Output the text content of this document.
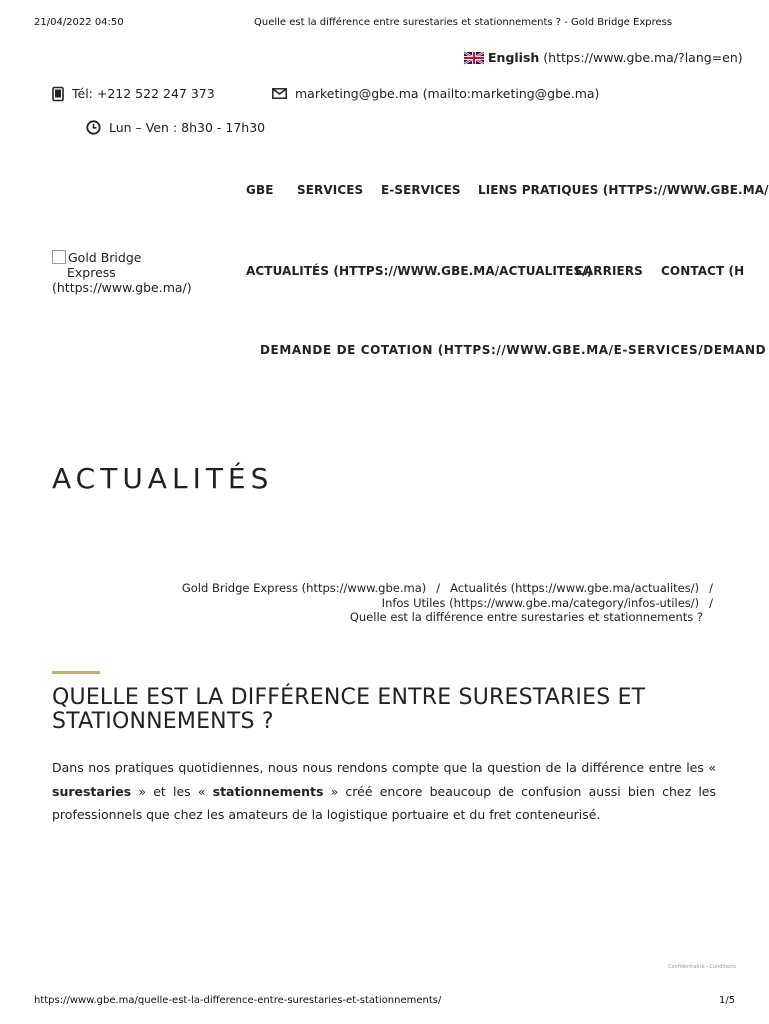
21/04/2022 04:50	Quelle est la différence entre surestaries et stationnements ? - Gold Bridge Express
English (https://www.gbe.ma/?lang=en)
Tél: +212 522 247 373	marketing@gbe.ma (mailto:marketing@gbe.ma)
Lun – Ven : 8h30 - 17h30
GBE SERVICES E-SERVICES LIENS PRATIQUES (HTTPS://WWW.GBE.MA/
Gold Bridge
Express
(https://www.gbe.ma/)
ACTUALITÉS (HTTPS://WWW.GBE.MA/ACTUALITES/)
CARRIERS CONTACT (H
DEMANDE DE COTATION (HTTPS://WWW.GBE.MA/E-SERVICES/DEMAND
ACTUALITÉS
Gold Bridge Express (https://www.gbe.ma) / Actualités (https://www.gbe.ma/actualites/) /
Infos Utiles (https://www.gbe.ma/category/infos-utiles/) /
Quelle est la différence entre surestaries et stationnements ?
QUELLE EST LA DIFFÉRENCE ENTRE SURESTARIES ET STATIONNEMENTS ?
Dans nos pratiques quotidiennes, nous nous rendons compte que la question de la différence entre les « surestaries » et les « stationnements » créé encore beaucoup de confusion aussi bien chez les professionnels que chez les amateurs de la logistique portuaire et du fret conteneurisé.
Confidentialité - Conditions
https://www.gbe.ma/quelle-est-la-difference-entre-surestaries-et-stationnements/	1/5
